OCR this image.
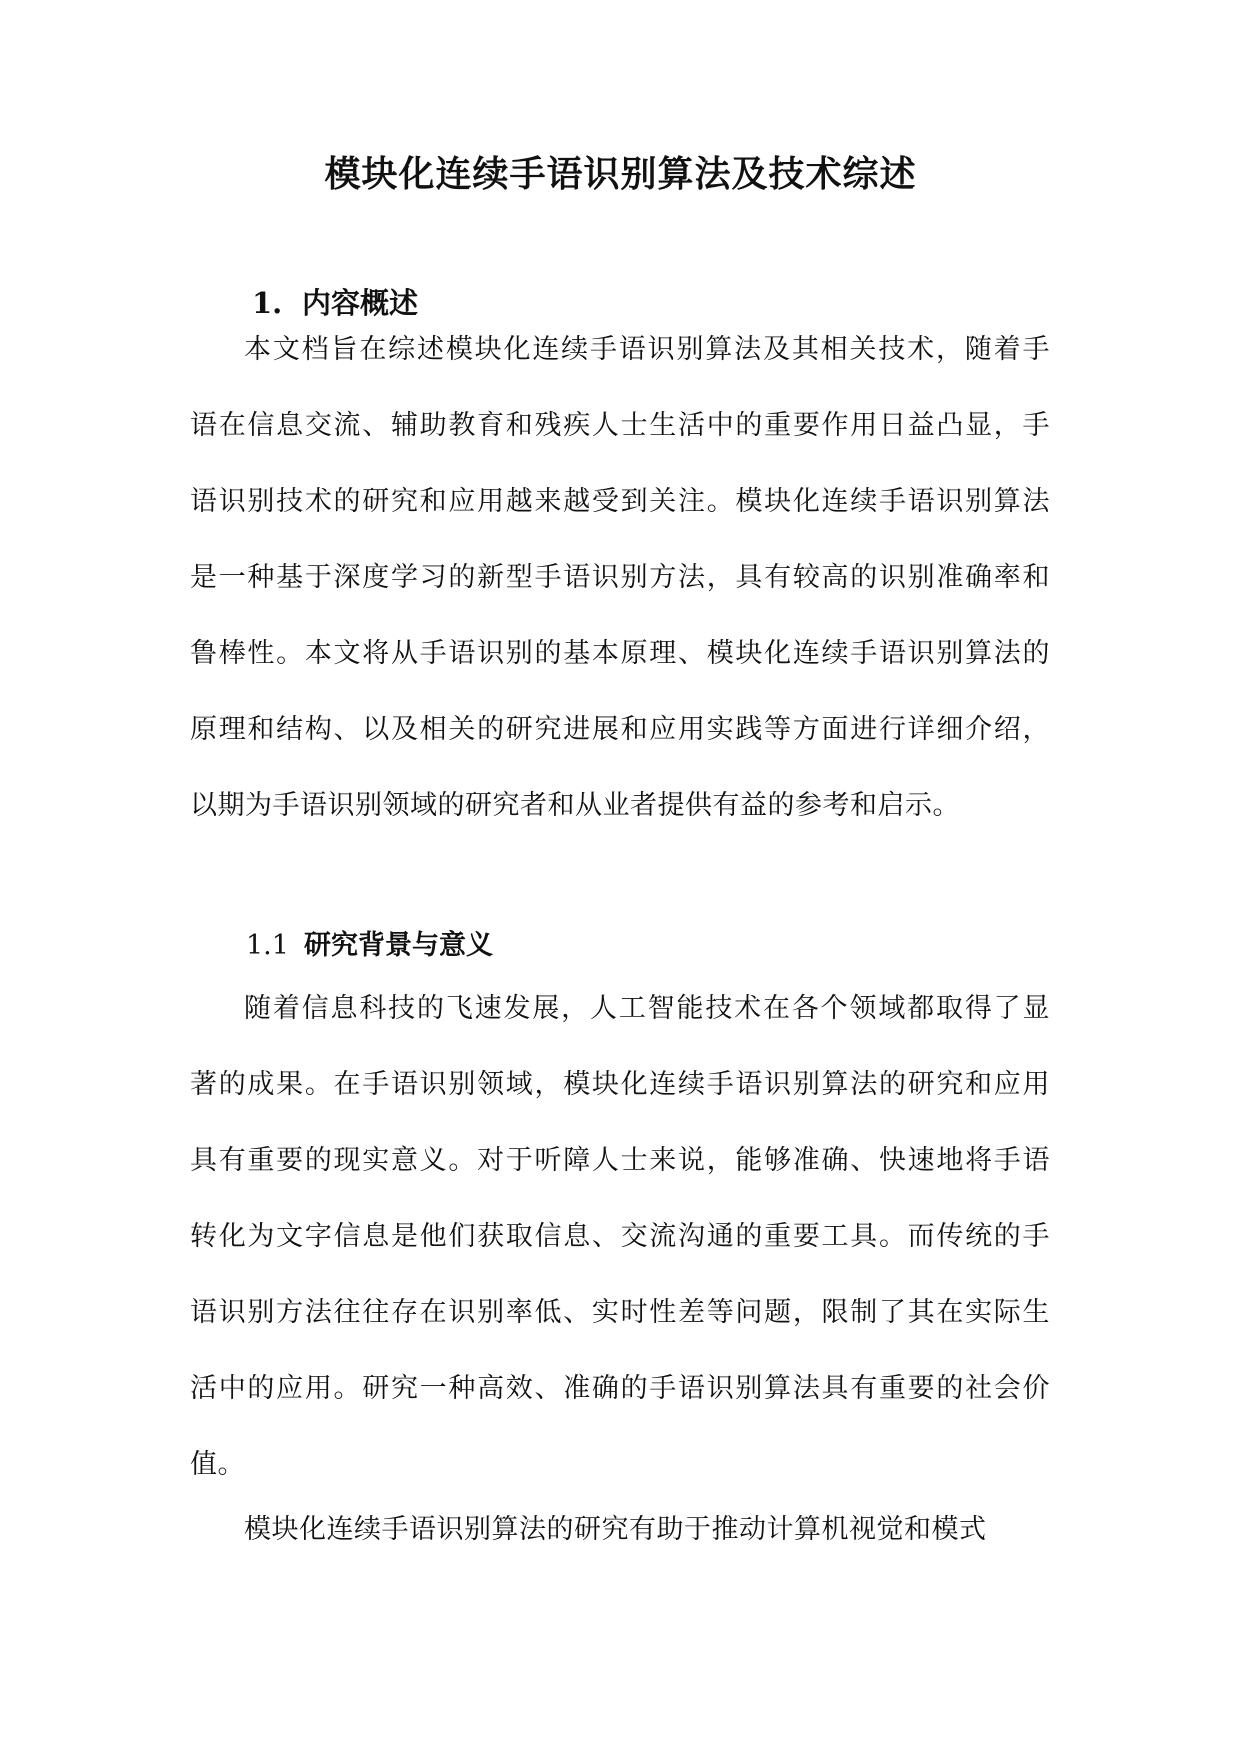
模块化连续手语识别算法及技术综述
1. 内容概述
本文档旨在综述模块化连续手语识别算法及其相关技术，随着手
语在信息交流、辅助教育和残疾人士生活中的重要作用日益凸显，手
语识别技术的研究和应用越来越受到关注。模块化连续手语识别算法
是一种基于深度学习的新型手语识别方法，具有较高的识别准确率和
鲁棒性。本文将从手语识别的基本原理、模块化连续手语识别算法的
原理和结构、以及相关的研究进展和应用实践等方面进行详细介绍，
以期为手语识别领域的研究者和从业者提供有益的参考和启示。
1.1 研究背景与意义
随着信息科技的飞速发展，人工智能技术在各个领域都取得了显
著的成果。在手语识别领域，模块化连续手语识别算法的研究和应用
具有重要的现实意义。对于听障人士来说，能够准确、快速地将手语
转化为文字信息是他们获取信息、交流沟通的重要工具。而传统的手
语识别方法往往存在识别率低、实时性差等问题，限制了其在实际生
活中的应用。研究一种高效、准确的手语识别算法具有重要的社会价
值。
模块化连续手语识别算法的研究有助于推动计算机视觉和模式
